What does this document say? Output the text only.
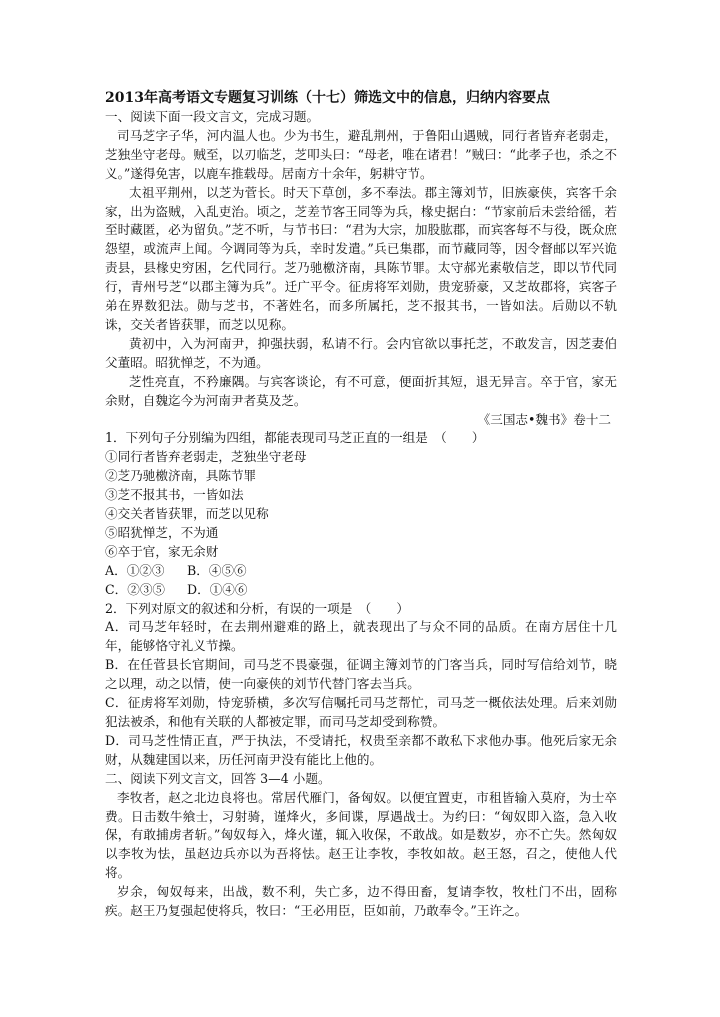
2013年高考语文专题复习训练（十七）筛选文中的信息，归纳内容要点

一、阅读下面一段文言文，完成习题。

司马芝字子华，河内温人也。少为书生，避乱荆州，于鲁阳山遇贼，同行者皆弃老弱走，芝独坐守老母。贼至，以刃临芝，芝叩头曰：“母老，唯在诸君！”贼曰：“此孝子也，杀之不义。”遂得免害，以鹿车推载母。居南方十余年，躬耕守节。

太祖平荆州，以芝为菅长。时天下草创，多不奉法。郡主簿刘节，旧族豪侠，宾客千余家，出为盗贼，入乱吏治。顷之，芝差节客王同等为兵，椽史据白：“节家前后未尝给徭，若至时藏匿，必为留负。”芝不听，与节书曰：“君为大宗，加股肱郡，而宾客每不与役，既众庶怨望，或流声上闻。今调同等为兵，幸时发遣。”兵已集郡，而节藏同等，因令督邮以军兴诡责县，县椽史穷困，乞代同行。芝乃驰檄济南，具陈节罪。太守郝光素敬信芝，即以节代同行，青州号芝“以郡主簿为兵”。迁广平令。征虏将军刘勋，贵宠骄豪，又芝故郡将，宾客子弟在界数犯法。勋与芝书，不著姓名，而多所属托，芝不报其书，一皆如法。后勋以不轨诛，交关者皆获罪，而芝以见称。

黄初中，入为河南尹，抑强扶弱，私请不行。会内官欲以事托芝，不敢发言，因芝妻伯父董昭。昭犹惮芝，不为通。

芝性亮直，不矜廉隅。与宾客谈论，有不可意，便面折其短，退无异言。卒于官，家无余财，自魏迄今为河南尹者莫及芝。

《三国志•魏书》卷十二

1．下列句子分别编为四组，都能表现司马芝正直的一组是　（　　）

①同行者皆弃老弱走，芝独坐守老母

②芝乃驰檄济南，具陈节罪

③芝不报其书，一皆如法

④交关者皆获罪，而芝以见称

⑤昭犹惮芝，不为通

⑥卒于官，家无余财

A．①②③ B．④⑤⑥

C．②③⑤ D．①④⑥

2．下列对原文的叙述和分析，有误的一项是　（　　）

A．司马芝年轻时，在去荆州避难的路上，就表现出了与众不同的品质。在南方居住十几年，能够恪守礼义节操。

B．在任菅县长官期间，司马芝不畏豪强，征调主簿刘节的门客当兵，同时写信给刘节，晓之以理，动之以情，使一向豪侠的刘节代替门客去当兵。

C．征虏将军刘勋，恃宠骄横，多次写信嘱托司马芝帮忙，司马芝一概依法处理。后来刘勋犯法被杀，和他有关联的人都被定罪，而司马芝却受到称赞。

D．司马芝性情正直，严于执法，不受请托，权贵至亲都不敢私下求他办事。他死后家无余财，从魏建国以来，历任河南尹没有能比上他的。

二、阅读下列文言文，回答 3—4 小题。

李牧者，赵之北边良将也。常居代雁门，备匈奴。以便宜置吏，市租皆输入莫府，为士卒费。日击数牛飨士，习射骑，谨烽火，多间谍，厚遇战士。为约曰：“匈奴即入盗，急入收保，有敢捕虏者斩。”匈奴每入，烽火谨，辄入收保，不敢战。如是数岁，亦不亡失。然匈奴以李牧为怯，虽赵边兵亦以为吾将怯。赵王让李牧，李牧如故。赵王怒，召之，使他人代将。

岁余，匈奴每来，出战，数不利，失亡多，边不得田畜，复请李牧，牧杜门不出，固称疾。赵王乃复强起使将兵，牧曰：“王必用臣，臣如前，乃敢奉令。”王许之。
